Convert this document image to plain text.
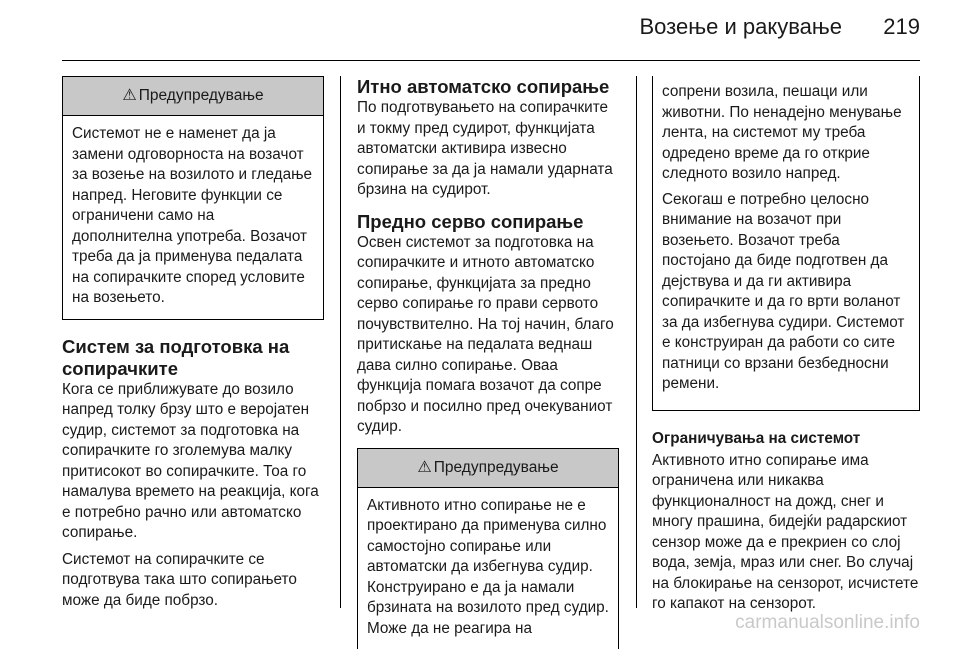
Возење и ракување 219
⚠ Предупредување

Системот не е наменет да ја замени одговорноста на возачот за возење на возилото и гледање напред. Неговите функции се ограничени само на дополнителна употреба. Возачот треба да ја применува педалата на сопирачките според условите на возењето.

Систем за подготовка на сопирачките

Кога се приближувате до возило напред толку брзу што е веројатен судир, системот за подготовка на сопирачките го зголемува малку притисокот во сопирачките. Тоа го намалува времето на реакција, кога е потребно рачно или автоматско сопирање.

Системот на сопирачките се подготвува така што сопирањето може да биде побрзо.

Итно автоматско сопирање

По подготвувањето на сопирачките и токму пред судирот, функцијата автоматски активира извесно сопирање за да ја намали ударната брзина на судирот.

Предно серво сопирање

Освен системот за подготовка на сопирачките и итното автоматско сопирање, функцијата за предно серво сопирање го прави сервото почувствително. На тој начин, благо притискање на педалата веднаш дава силно сопирање. Оваа функција помага возачот да сопре побрзо и посилно пред очекуваниот судир.

⚠ Предупредување

Активното итно сопирање не е проектирано да применува силно самостојно сопирање или автоматски да избегнува судир. Конструирано е да ја намали брзината на возилото пред судир. Може да не реагира на

сопрени возила, пешаци или животни. По ненадејно менување лента, на системот му треба одредено време да го открие следното возило напред.

Секогаш е потребно целосно внимание на возачот при возењето. Возачот треба постојано да биде подготвен да дејствува и да ги активира сопирачките и да го врти воланот за да избегнува судири. Системот е конструиран да работи со сите патници со врзани безбедносни ремени.

Ограничувања на системот

Активното итно сопирање има ограничена или никаква функционалност на дожд, снег и многу прашина, бидејќи радарскиот сензор може да е прекриен со слој вода, земја, мраз или снег. Во случај на блокирање на сензорот, исчистете го капакот на сензорот.

carmanualsonline.info
